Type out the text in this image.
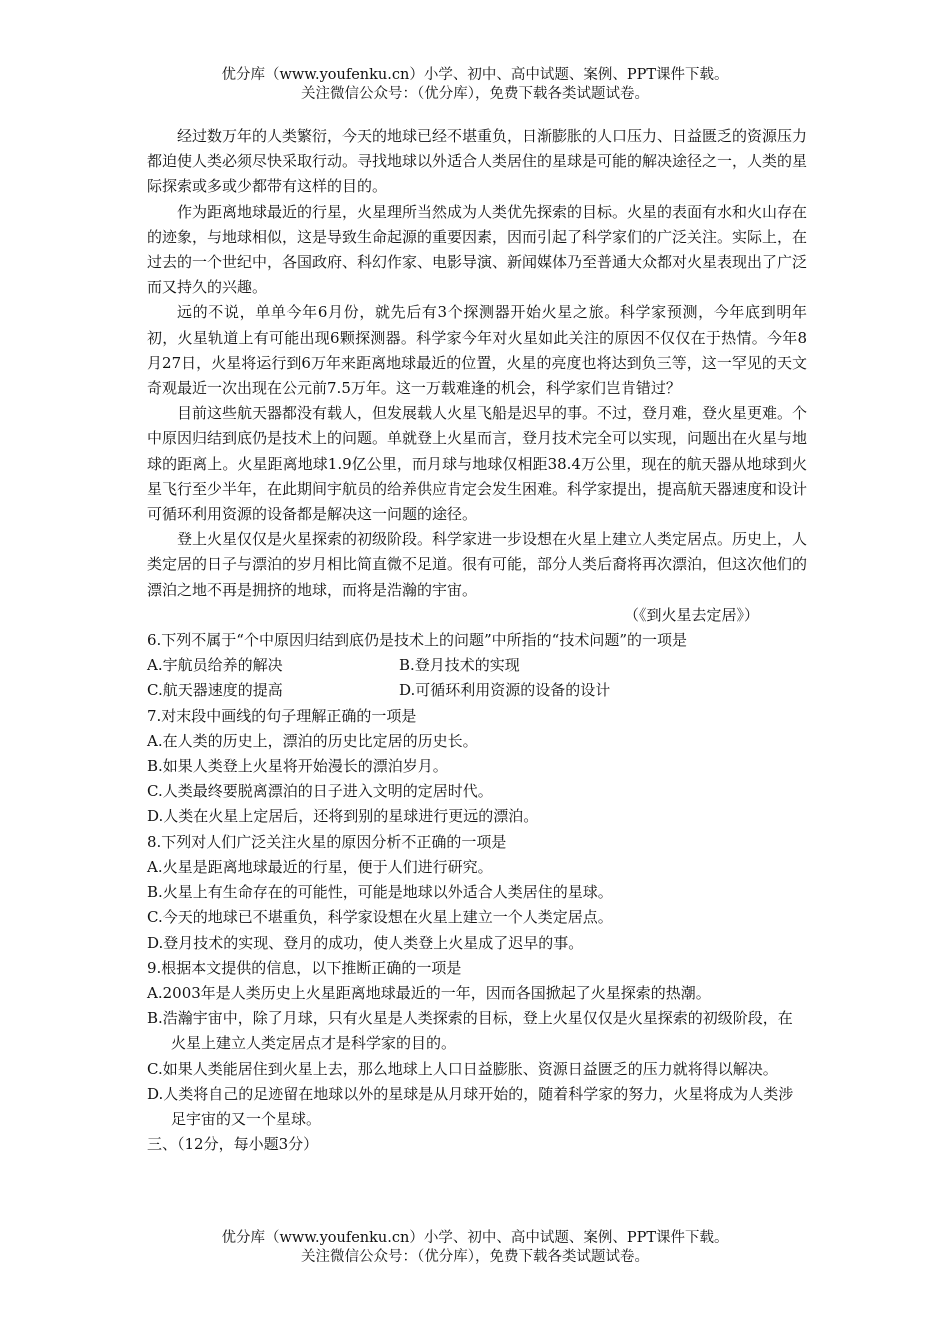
优分库（www.youfenku.cn）小学、初中、高中试题、案例、PPT课件下载。
关注微信公众号：（优分库），免费下载各类试题试卷。

经过数万年的人类繁衍，今天的地球已经不堪重负，日渐膨胀的人口压力、日益匮乏的资源压力都迫使人类必须尽快采取行动。寻找地球以外适合人类居住的星球是可能的解决途径之一，人类的星际探索或多或少都带有这样的目的。

作为距离地球最近的行星，火星理所当然成为人类优先探索的目标。火星的表面有水和火山存在的迹象，与地球相似，这是导致生命起源的重要因素，因而引起了科学家们的广泛关注。实际上，在过去的一个世纪中，各国政府、科幻作家、电影导演、新闻媒体乃至普通大众都对火星表现出了广泛而又持久的兴趣。

远的不说，单单今年6月份，就先后有3个探测器开始火星之旅。科学家预测，今年底到明年初，火星轨道上有可能出现6颗探测器。科学家今年对火星如此关注的原因不仅仅在于热情。今年8月27日，火星将运行到6万年来距离地球最近的位置，火星的亮度也将达到负三等，这一罕见的天文奇观最近一次出现在公元前7.5万年。这一万载难逢的机会，科学家们岂肯错过？

目前这些航天器都没有载人，但发展载人火星飞船是迟早的事。不过，登月难，登火星更难。个中原因归结到底仍是技术上的问题。单就登上火星而言，登月技术完全可以实现，问题出在火星与地球的距离上。火星距离地球1.9亿公里，而月球与地球仅相距38.4万公里，现在的航天器从地球到火星飞行至少半年，在此期间宇航员的给养供应肯定会发生困难。科学家提出，提高航天器速度和设计可循环利用资源的设备都是解决这一问题的途径。

登上火星仅仅是火星探索的初级阶段。科学家进一步设想在火星上建立人类定居点。历史上，人类定居的日子与漂泊的岁月相比简直微不足道。很有可能，部分人类后裔将再次漂泊，但这次他们的漂泊之地不再是拥挤的地球，而将是浩瀚的宇宙。

（《到火星去定居》）

6.下列不属于“个中原因归结到底仍是技术上的问题”中所指的“技术问题”的一项是

A.宇航员给养的解决	B.登月技术的实现
C.航天器速度的提高	D.可循环利用资源的设备的设计

7.对末段中画线的句子理解正确的一项是

A.在人类的历史上，漂泊的历史比定居的历史长。

B.如果人类登上火星将开始漫长的漂泊岁月。

C.人类最终要脱离漂泊的日子进入文明的定居时代。

D.人类在火星上定居后，还将到别的星球进行更远的漂泊。

8.下列对人们广泛关注火星的原因分析不正确的一项是

A.火星是距离地球最近的行星，便于人们进行研究。

B.火星上有生命存在的可能性，可能是地球以外适合人类居住的星球。

C.今天的地球已不堪重负，科学家设想在火星上建立一个人类定居点。

D.登月技术的实现、登月的成功，使人类登上火星成了迟早的事。

9.根据本文提供的信息，以下推断正确的一项是

A.2003年是人类历史上火星距离地球最近的一年，因而各国掀起了火星探索的热潮。

B.浩瀚宇宙中，除了月球，只有火星是人类探索的目标，登上火星仅仅是火星探索的初级阶段，在火星上建立人类定居点才是科学家的目的。

C.如果人类能居住到火星上去，那么地球上人口日益膨胀、资源日益匮乏的压力就将得以解决。

D.人类将自己的足迹留在地球以外的星球是从月球开始的，随着科学家的努力，火星将成为人类涉足宇宙的又一个星球。

三、（12分，每小题3分）

优分库（www.youfenku.cn）小学、初中、高中试题、案例、PPT课件下载。
关注微信公众号：（优分库），免费下载各类试题试卷。
